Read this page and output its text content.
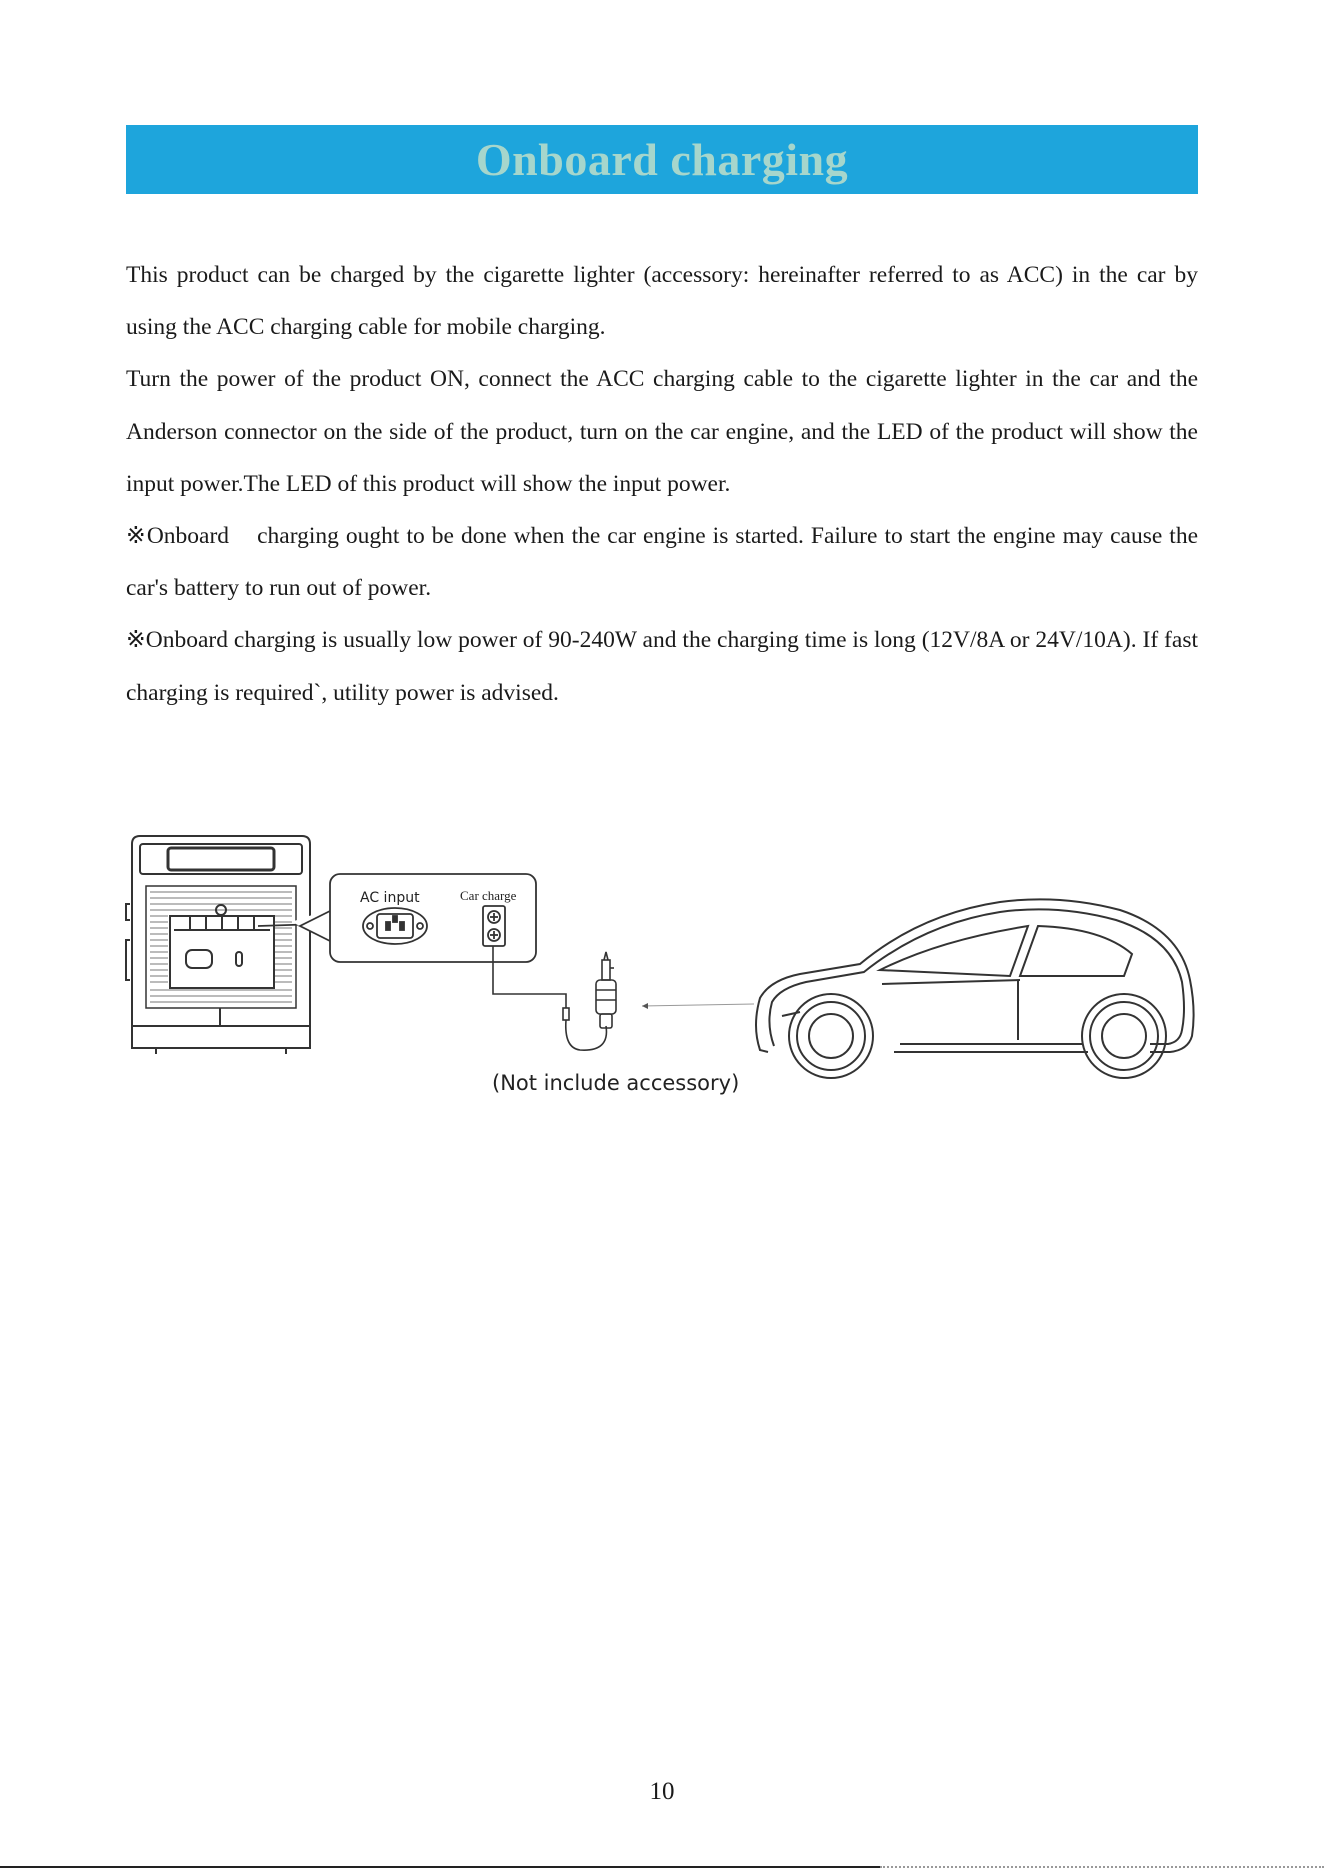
Onboard charging

This product can be charged by the cigarette lighter (accessory: hereinafter referred to as ACC) in the car by using the ACC charging cable for mobile charging.

Turn the power of the product ON, connect the ACC charging cable to the cigarette lighter in the car and the Anderson connector on the side of the product, turn on the car engine, and the LED of the product will show the input power.The LED of this product will show the input power.

※Onboard    charging ought to be done when the car engine is started. Failure to start the engine may cause the car's battery to run out of power.

※Onboard charging is usually low power of 90-240W and the charging time is long (12V/8A or 24V/10A). If fast charging is required`, utility power is advised.

AC input	Car charge
(Not include accessory)
10
